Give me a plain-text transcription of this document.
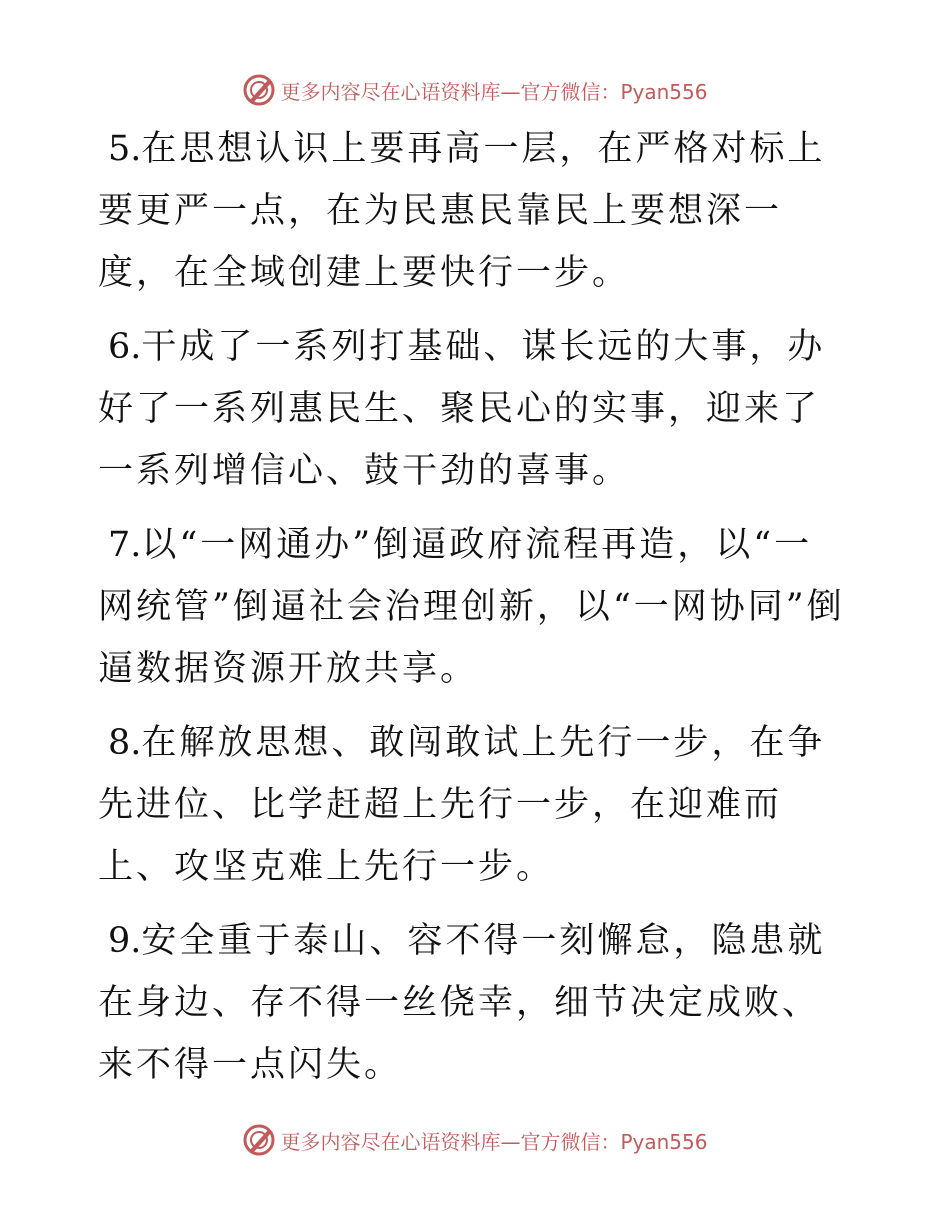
更多内容尽在心语资料库—官方微信：Pyan556

5.在思想认识上要再高一层，在严格对标上要更严一点，在为民惠民靠民上要想深一度，在全域创建上要快行一步。

6.干成了一系列打基础、谋长远的大事，办好了一系列惠民生、聚民心的实事，迎来了一系列增信心、鼓干劲的喜事。

7.以“一网通办”倒逼政府流程再造，以“一网统管”倒逼社会治理创新，以“一网协同”倒逼数据资源开放共享。

8.在解放思想、敢闯敢试上先行一步，在争先进位、比学赶超上先行一步，在迎难而上、攻坚克难上先行一步。

9.安全重于泰山、容不得一刻懈怠，隐患就在身边、存不得一丝侥幸，细节决定成败、来不得一点闪失。

更多内容尽在心语资料库—官方微信：Pyan556
